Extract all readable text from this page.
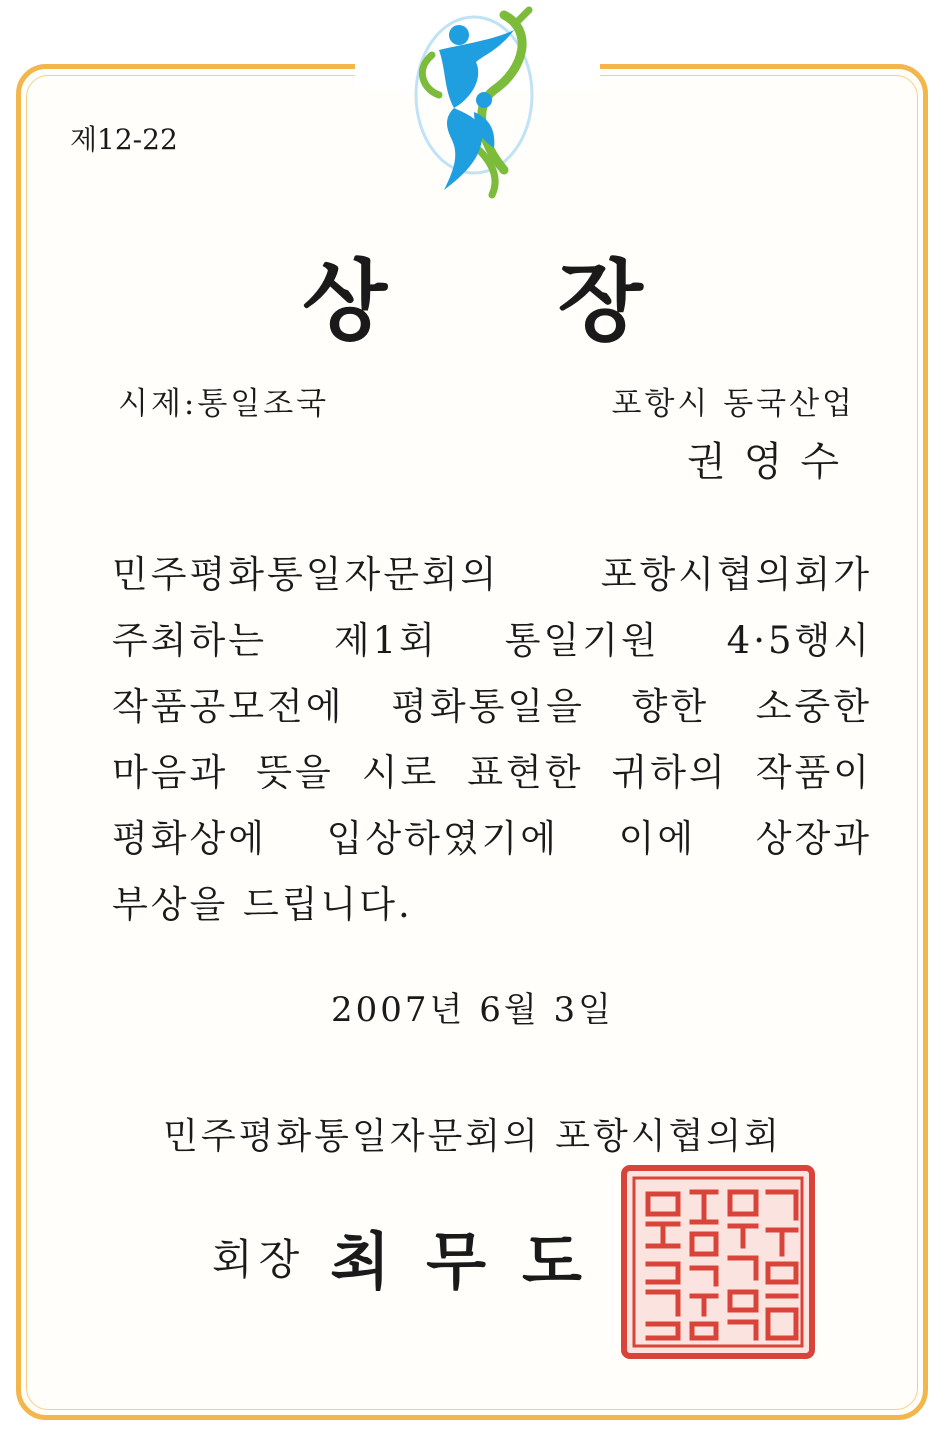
제12-22
상 장
시제:통일조국	포항시 동국산업
권영수
민주평화통일자문회의 포항시협의회가
주최하는 제1회 통일기원 4·5행시
작품공모전에 평화통일을 향한 소중한
마음과 뜻을 시로 표현한 귀하의 작품이
평화상에 입상하였기에 이에 상장과
부상을 드립니다.
2007년 6월 3일
민주평화통일자문회의 포항시협의회
회장 최무도
